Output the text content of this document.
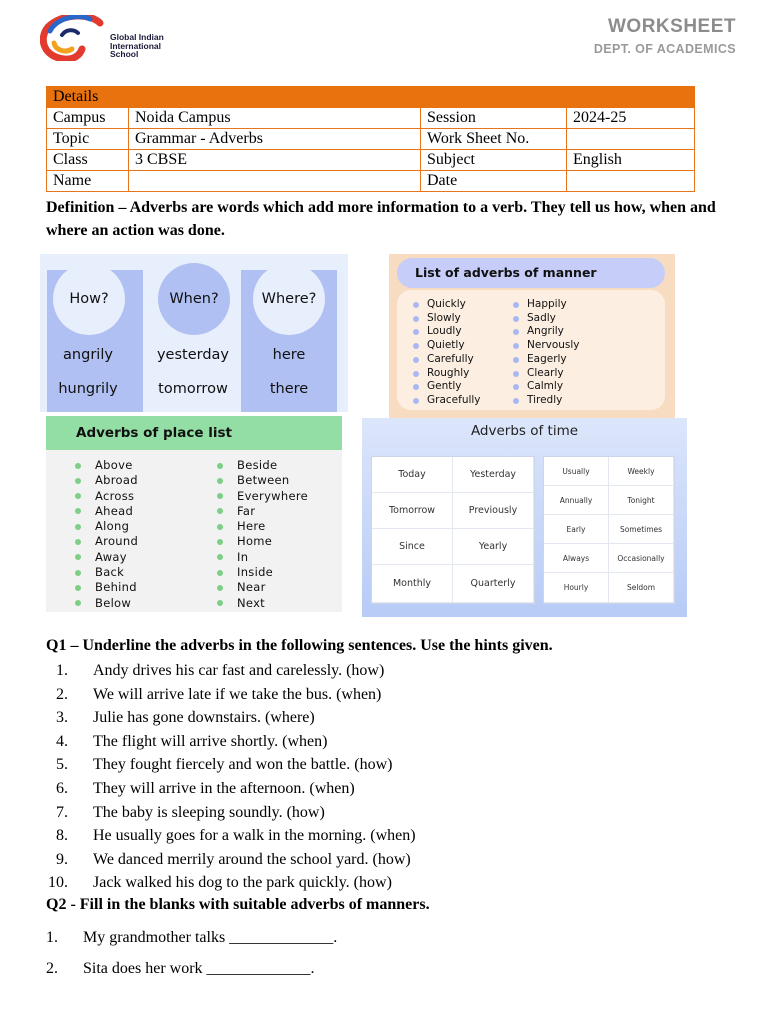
Global Indian International School
WORKSHEET
DEPT. OF ACADEMICS
Details			
Campus	Noida Campus	Session	2024-25
Topic	Grammar - Adverbs	Work Sheet No.	
Class	3 CBSE	Subject	English
Name		Date	
Definition – Adverbs are words which add more information to a verb. They tell us how, when and where an action was done.
How?
angrily
hungrily
When?
yesterday
tomorrow
Where?
here
there
List of adverbs of manner
Quickly
Slowly
Loudly
Quietly
Carefully
Roughly
Gently
Gracefully
Happily
Sadly
Angrily
Nervously
Eagerly
Clearly
Calmly
Tiredly
Adverbs of place list
Above
Abroad
Across
Ahead
Along
Around
Away
Back
Behind
Below
Beside
Between
Everywhere
Far
Here
Home
In
Inside
Near
Next
Adverbs of time
Today	Yesterday
Tomorrow	Previously
Since	Yearly
Monthly	Quarterly
Usually	Weekly
Annually	Tonight
Early	Sometimes
Always	Occasionally
Hourly	Seldom
Q1 – Underline the adverbs in the following sentences. Use the hints given.
1. Andy drives his car fast and carelessly. (how)
2. We will arrive late if we take the bus. (when)
3. Julie has gone downstairs. (where)
4. The flight will arrive shortly. (when)
5. They fought fiercely and won the battle. (how)
6. They will arrive in the afternoon. (when)
7. The baby is sleeping soundly. (how)
8. He usually goes for a walk in the morning. (when)
9. We danced merrily around the school yard. (how)
10. Jack walked his dog to the park quickly. (how)
Q2 - Fill in the blanks with suitable adverbs of manners.
1. My grandmother talks _____________.
2. Sita does her work _____________.
